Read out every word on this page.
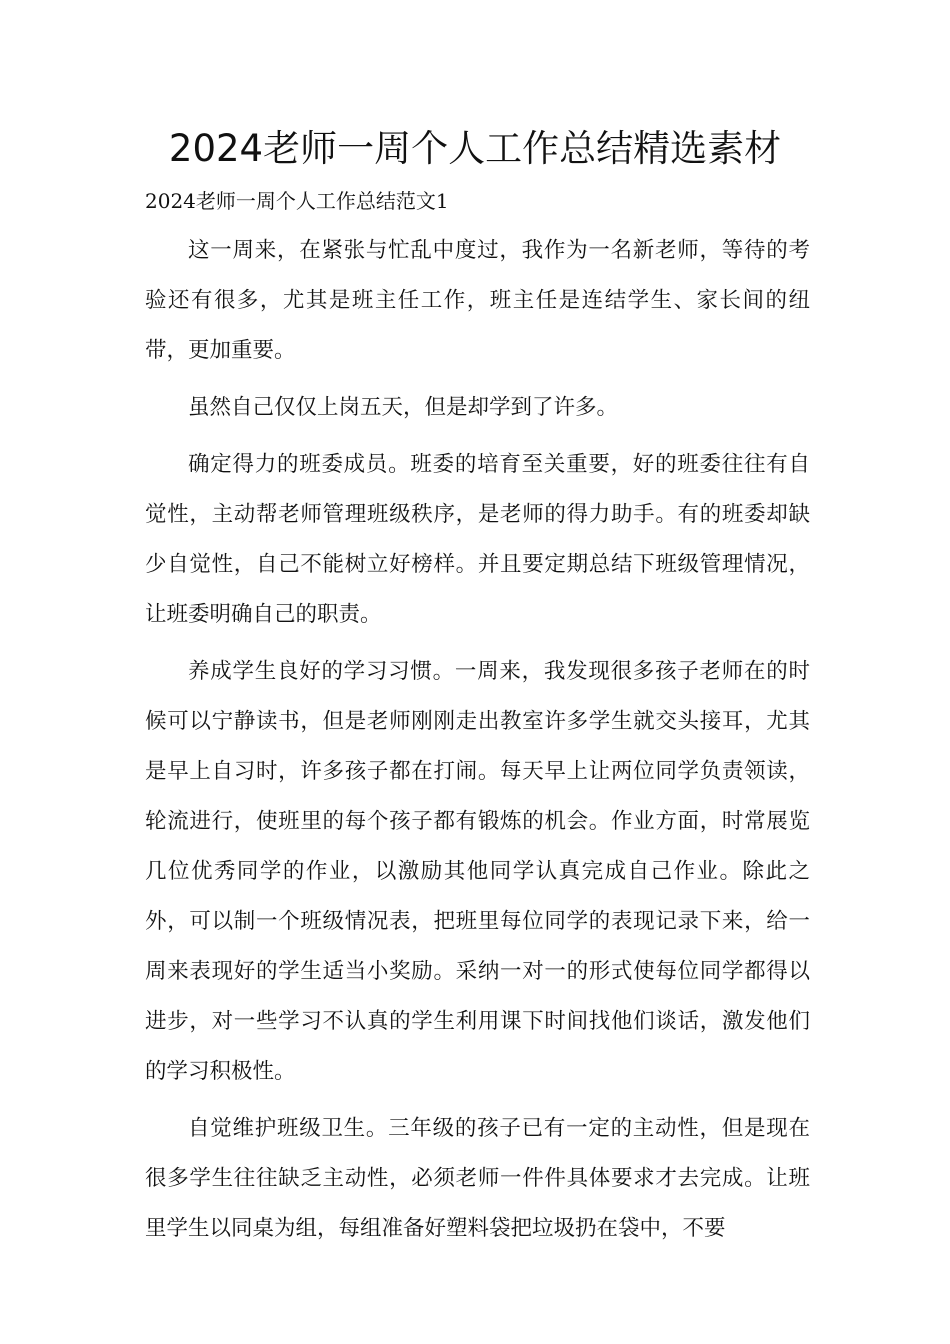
2024老师一周个人工作总结精选素材

2024老师一周个人工作总结范文1

这一周来，在紧张与忙乱中度过，我作为一名新老师，等待的考验还有很多，尤其是班主任工作，班主任是连结学生、家长间的纽带，更加重要。

虽然自己仅仅上岗五天，但是却学到了许多。

确定得力的班委成员。班委的培育至关重要，好的班委往往有自觉性，主动帮老师管理班级秩序，是老师的得力助手。有的班委却缺少自觉性，自己不能树立好榜样。并且要定期总结下班级管理情况，让班委明确自己的职责。

养成学生良好的学习习惯。一周来，我发现很多孩子老师在的时候可以宁静读书，但是老师刚刚走出教室许多学生就交头接耳，尤其是早上自习时，许多孩子都在打闹。每天早上让两位同学负责领读，轮流进行，使班里的每个孩子都有锻炼的机会。作业方面，时常展览几位优秀同学的作业，以激励其他同学认真完成自己作业。除此之外，可以制一个班级情况表，把班里每位同学的表现记录下来，给一周来表现好的学生适当小奖励。采纳一对一的形式使每位同学都得以进步，对一些学习不认真的学生利用课下时间找他们谈话，激发他们的学习积极性。

自觉维护班级卫生。三年级的孩子已有一定的主动性，但是现在很多学生往往缺乏主动性，必须老师一件件具体要求才去完成。让班里学生以同桌为组，每组准备好塑料袋把垃圾扔在袋中，不要
